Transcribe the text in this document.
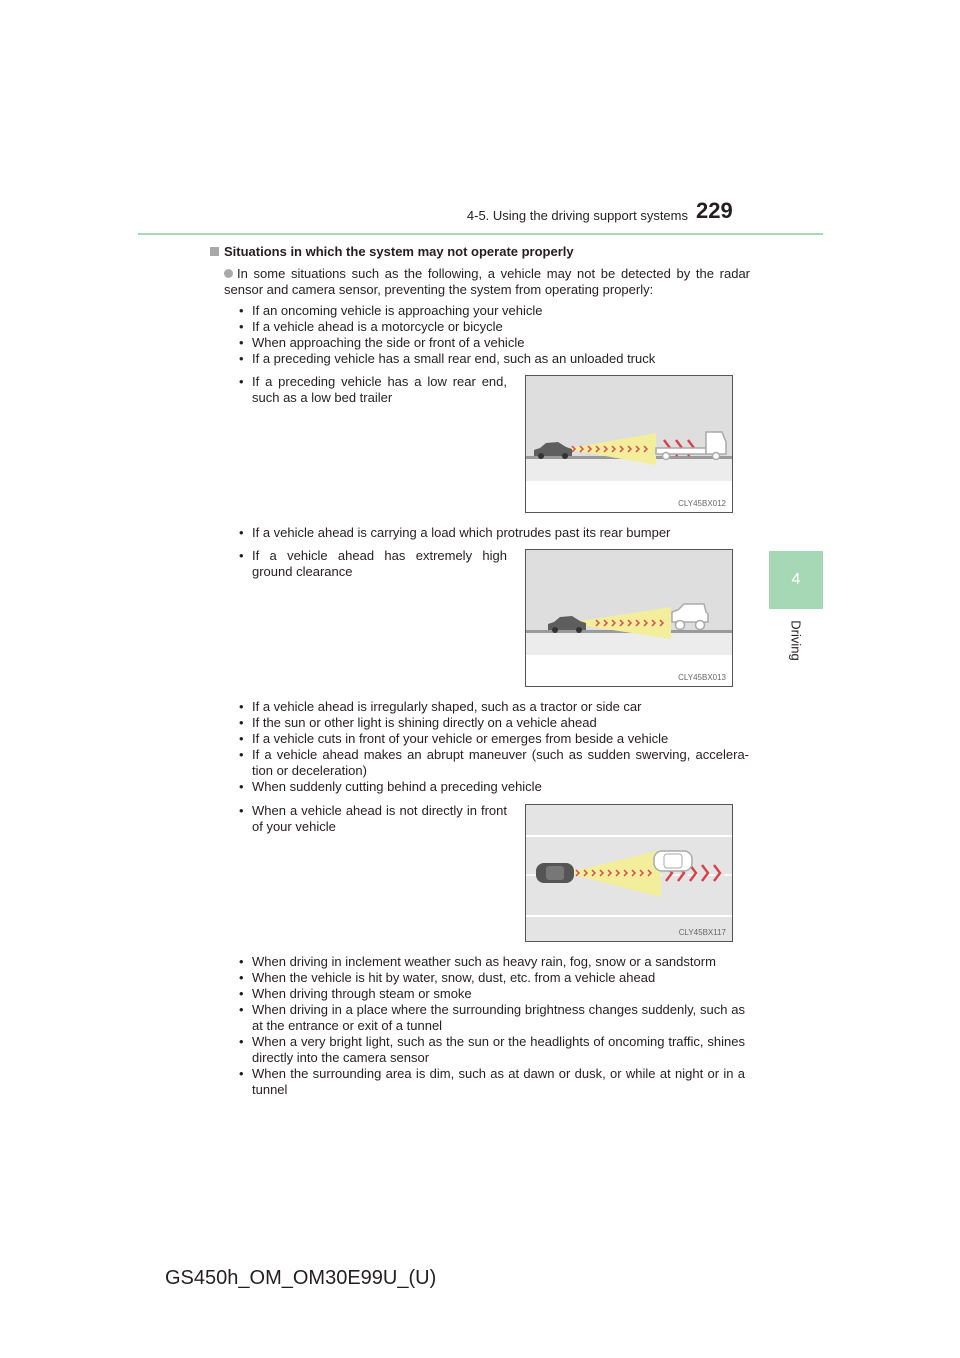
4-5. Using the driving support systems 229
4
Driving
Situations in which the system may not operate properly
In some situations such as the following, a vehicle may not be detected by the radar sensor and camera sensor, preventing the system from operating properly:
• If an oncoming vehicle is approaching your vehicle
• If a vehicle ahead is a motorcycle or bicycle
• When approaching the side or front of a vehicle
• If a preceding vehicle has a small rear end, such as an unloaded truck
• If a preceding vehicle has a low rear end, such as a low bed trailer
CLY45BX012
• If a vehicle ahead is carrying a load which protrudes past its rear bumper
• If a vehicle ahead has extremely high ground clearance
CLY45BX013
• If a vehicle ahead is irregularly shaped, such as a tractor or side car
• If the sun or other light is shining directly on a vehicle ahead
• If a vehicle cuts in front of your vehicle or emerges from beside a vehicle
• If a vehicle ahead makes an abrupt maneuver (such as sudden swerving, accelera-tion or deceleration)
• When suddenly cutting behind a preceding vehicle
• When a vehicle ahead is not directly in front of your vehicle
CLY45BX117
• When driving in inclement weather such as heavy rain, fog, snow or a sandstorm
• When the vehicle is hit by water, snow, dust, etc. from a vehicle ahead
• When driving through steam or smoke
• When driving in a place where the surrounding brightness changes suddenly, such as at the entrance or exit of a tunnel
• When a very bright light, such as the sun or the headlights of oncoming traffic, shines directly into the camera sensor
• When the surrounding area is dim, such as at dawn or dusk, or while at night or in a tunnel
GS450h_OM_OM30E99U_(U)
